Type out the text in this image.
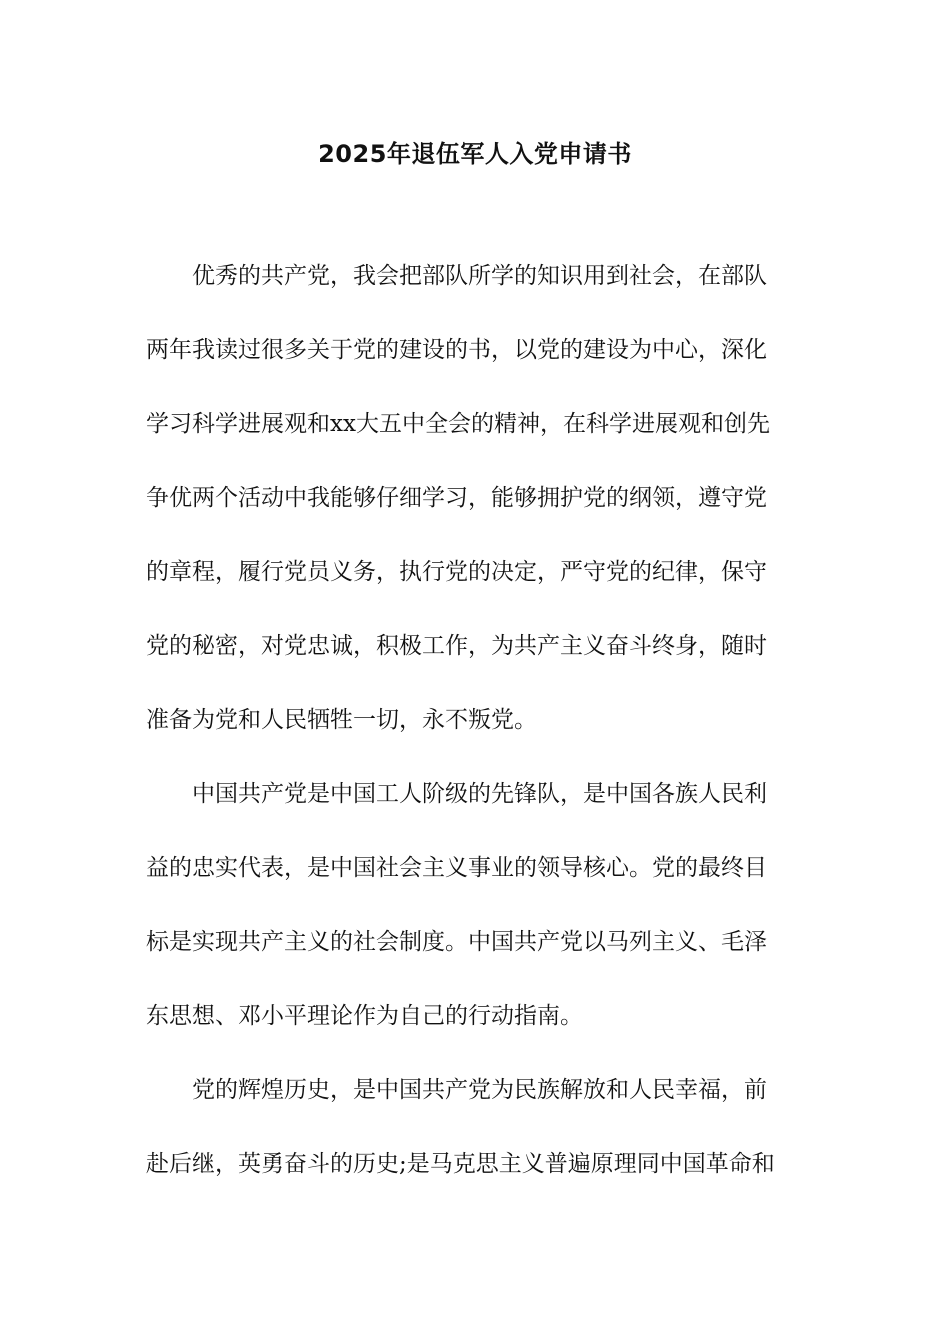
2025年退伍军人入党申请书
优秀的共产党，我会把部队所学的知识用到社会，在部队
两年我读过很多关于党的建设的书，以党的建设为中心，深化
学习科学进展观和xx大五中全会的精神，在科学进展观和创先
争优两个活动中我能够仔细学习，能够拥护党的纲领，遵守党
的章程，履行党员义务，执行党的决定，严守党的纪律，保守
党的秘密，对党忠诚，积极工作，为共产主义奋斗终身，随时
准备为党和人民牺牲一切，永不叛党。
中国共产党是中国工人阶级的先锋队，是中国各族人民利
益的忠实代表，是中国社会主义事业的领导核心。党的最终目
标是实现共产主义的社会制度。中国共产党以马列主义、毛泽
东思想、邓小平理论作为自己的行动指南。
党的辉煌历史，是中国共产党为民族解放和人民幸福，前
赴后继，英勇奋斗的历史;是马克思主义普遍原理同中国革命和
